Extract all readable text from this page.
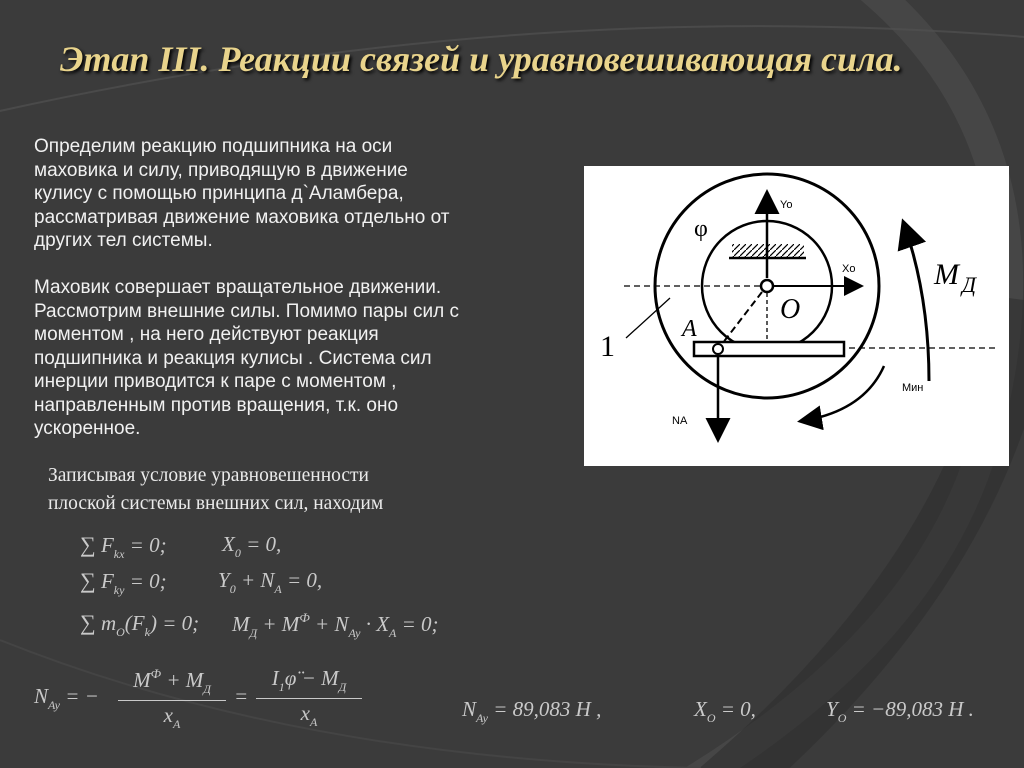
Этап III. Реакции связей и уравновешивающая сила.
Определим реакцию подшипника на оси
маховика и силу, приводящую в движение
кулису с помощью принципа д`Аламбера,
рассматривая движение маховика отдельно от
других тел системы.
Маховик совершает вращательное движении.
Рассмотрим внешние силы. Помимо пары сил с
моментом , на него действуют реакция
подшипника и реакция кулисы . Система сил
инерции приводится к паре с моментом ,
направленным против вращения, т.к. оно
ускоренное.
Yo
Xo
φ
O
A
1
M Д
Мин
NA
Записывая условие уравновешенности
плоской системы внешних сил, находим
∑ $F_{kx} = 0$;	$X_0 = 0$,
∑ $F_{ky} = 0$; $Y_0 + N_A = 0$,
∑ $m_O(F_k) = 0$; $M_Д + M^Ф + N_{Ay} \cdot X_A = 0$;
$N_{Ay}$ = −
$M^Ф + M_Д$
$x_A$
=
$I_1\varphï - M_Д$
$x_A$
$N_{Ay} = 89,083$ H ,	$X_O = 0$,	$Y_O = -89,083$ H .
